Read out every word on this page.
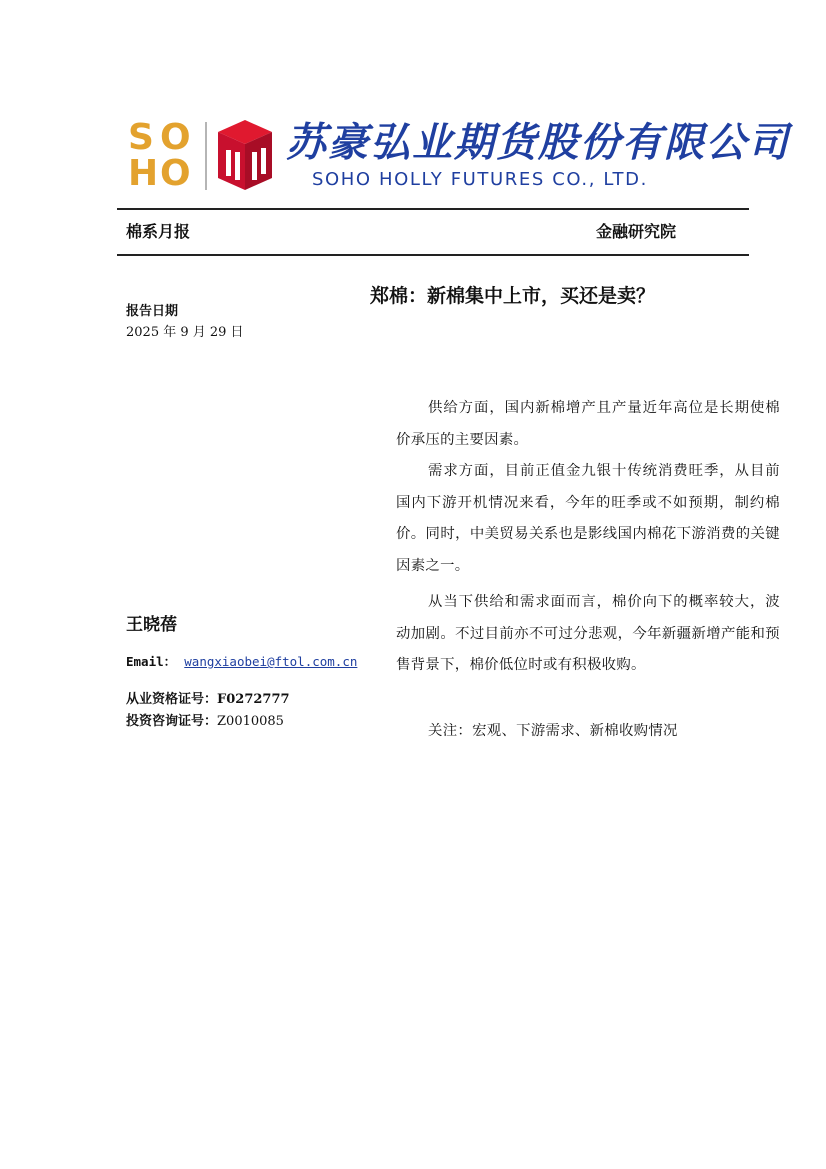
S O
H O
苏豪弘业期货股份有限公司
SOHO HOLLY FUTURES CO., LTD.
棉系月报	金融研究院
郑棉：新棉集中上市，买还是卖？
报告日期
2025 年 9 月 29 日
王晓蓓
Email： wangxiaobei@ftol.com.cn
从业资格证号：F0272777
投资咨询证号：Z0010085

供给方面，国内新棉增产且产量近年高位是长期使棉价承压的主要因素。

需求方面，目前正值金九银十传统消费旺季，从目前国内下游开机情况来看，今年的旺季或不如预期，制约棉价。同时，中美贸易关系也是影线国内棉花下游消费的关键因素之一。

从当下供给和需求面而言，棉价向下的概率较大，波动加剧。不过目前亦不可过分悲观，今年新疆新增产能和预售背景下，棉价低位时或有积极收购。

关注：宏观、下游需求、新棉收购情况
